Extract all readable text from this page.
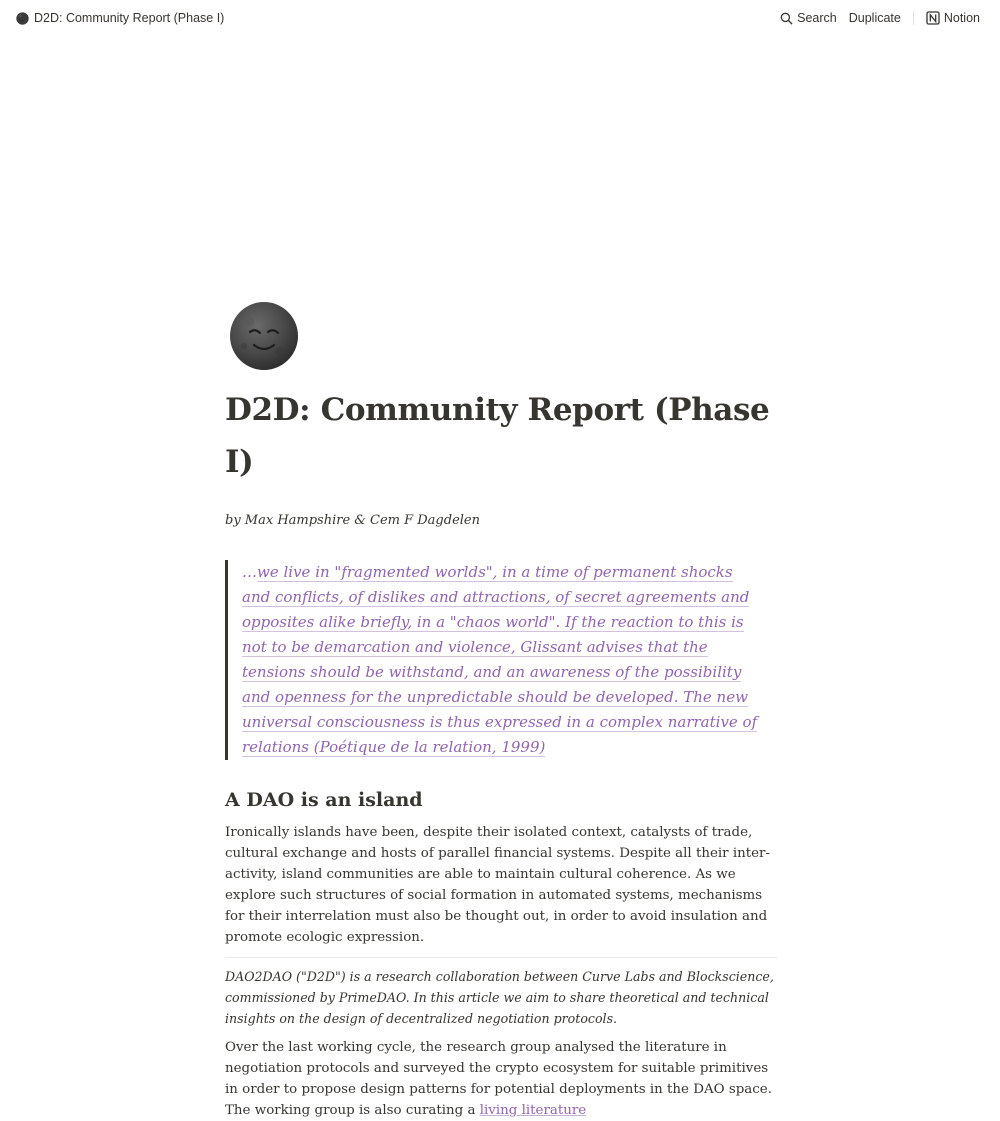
D2D: Community Report (Phase I)	Search Duplicate	Notion
D2D: Community Report (Phase I)
by Max Hampshire & Cem F Dagdelen
…we live in "fragmented worlds", in a time of permanent shocks and conflicts, of dislikes and attractions, of secret agreements and opposites alike briefly, in a "chaos world". If the reaction to this is not to be demarcation and violence, Glissant advises that the tensions should be withstand, and an awareness of the possibility and openness for the unpredictable should be developed. The new universal consciousness is thus expressed in a complex narrative of relations (Poétique de la relation, 1999)
A DAO is an island

Ironically islands have been, despite their isolated context, catalysts of trade, cultural exchange and hosts of parallel financial systems. Despite all their inter-activity, island communities are able to maintain cultural coherence. As we explore such structures of social formation in automated systems, mechanisms for their interrelation must also be thought out, in order to avoid insulation and promote ecologic expression.

DAO2DAO ("D2D") is a research collaboration between Curve Labs and Blockscience, commissioned by PrimeDAO. In this article we aim to share theoretical and technical insights on the design of decentralized negotiation protocols.

Over the last working cycle, the research group analysed the literature in negotiation protocols and surveyed the crypto ecosystem for suitable primitives in order to propose design patterns for potential deployments in the DAO space. The working group is also curating a living literature
